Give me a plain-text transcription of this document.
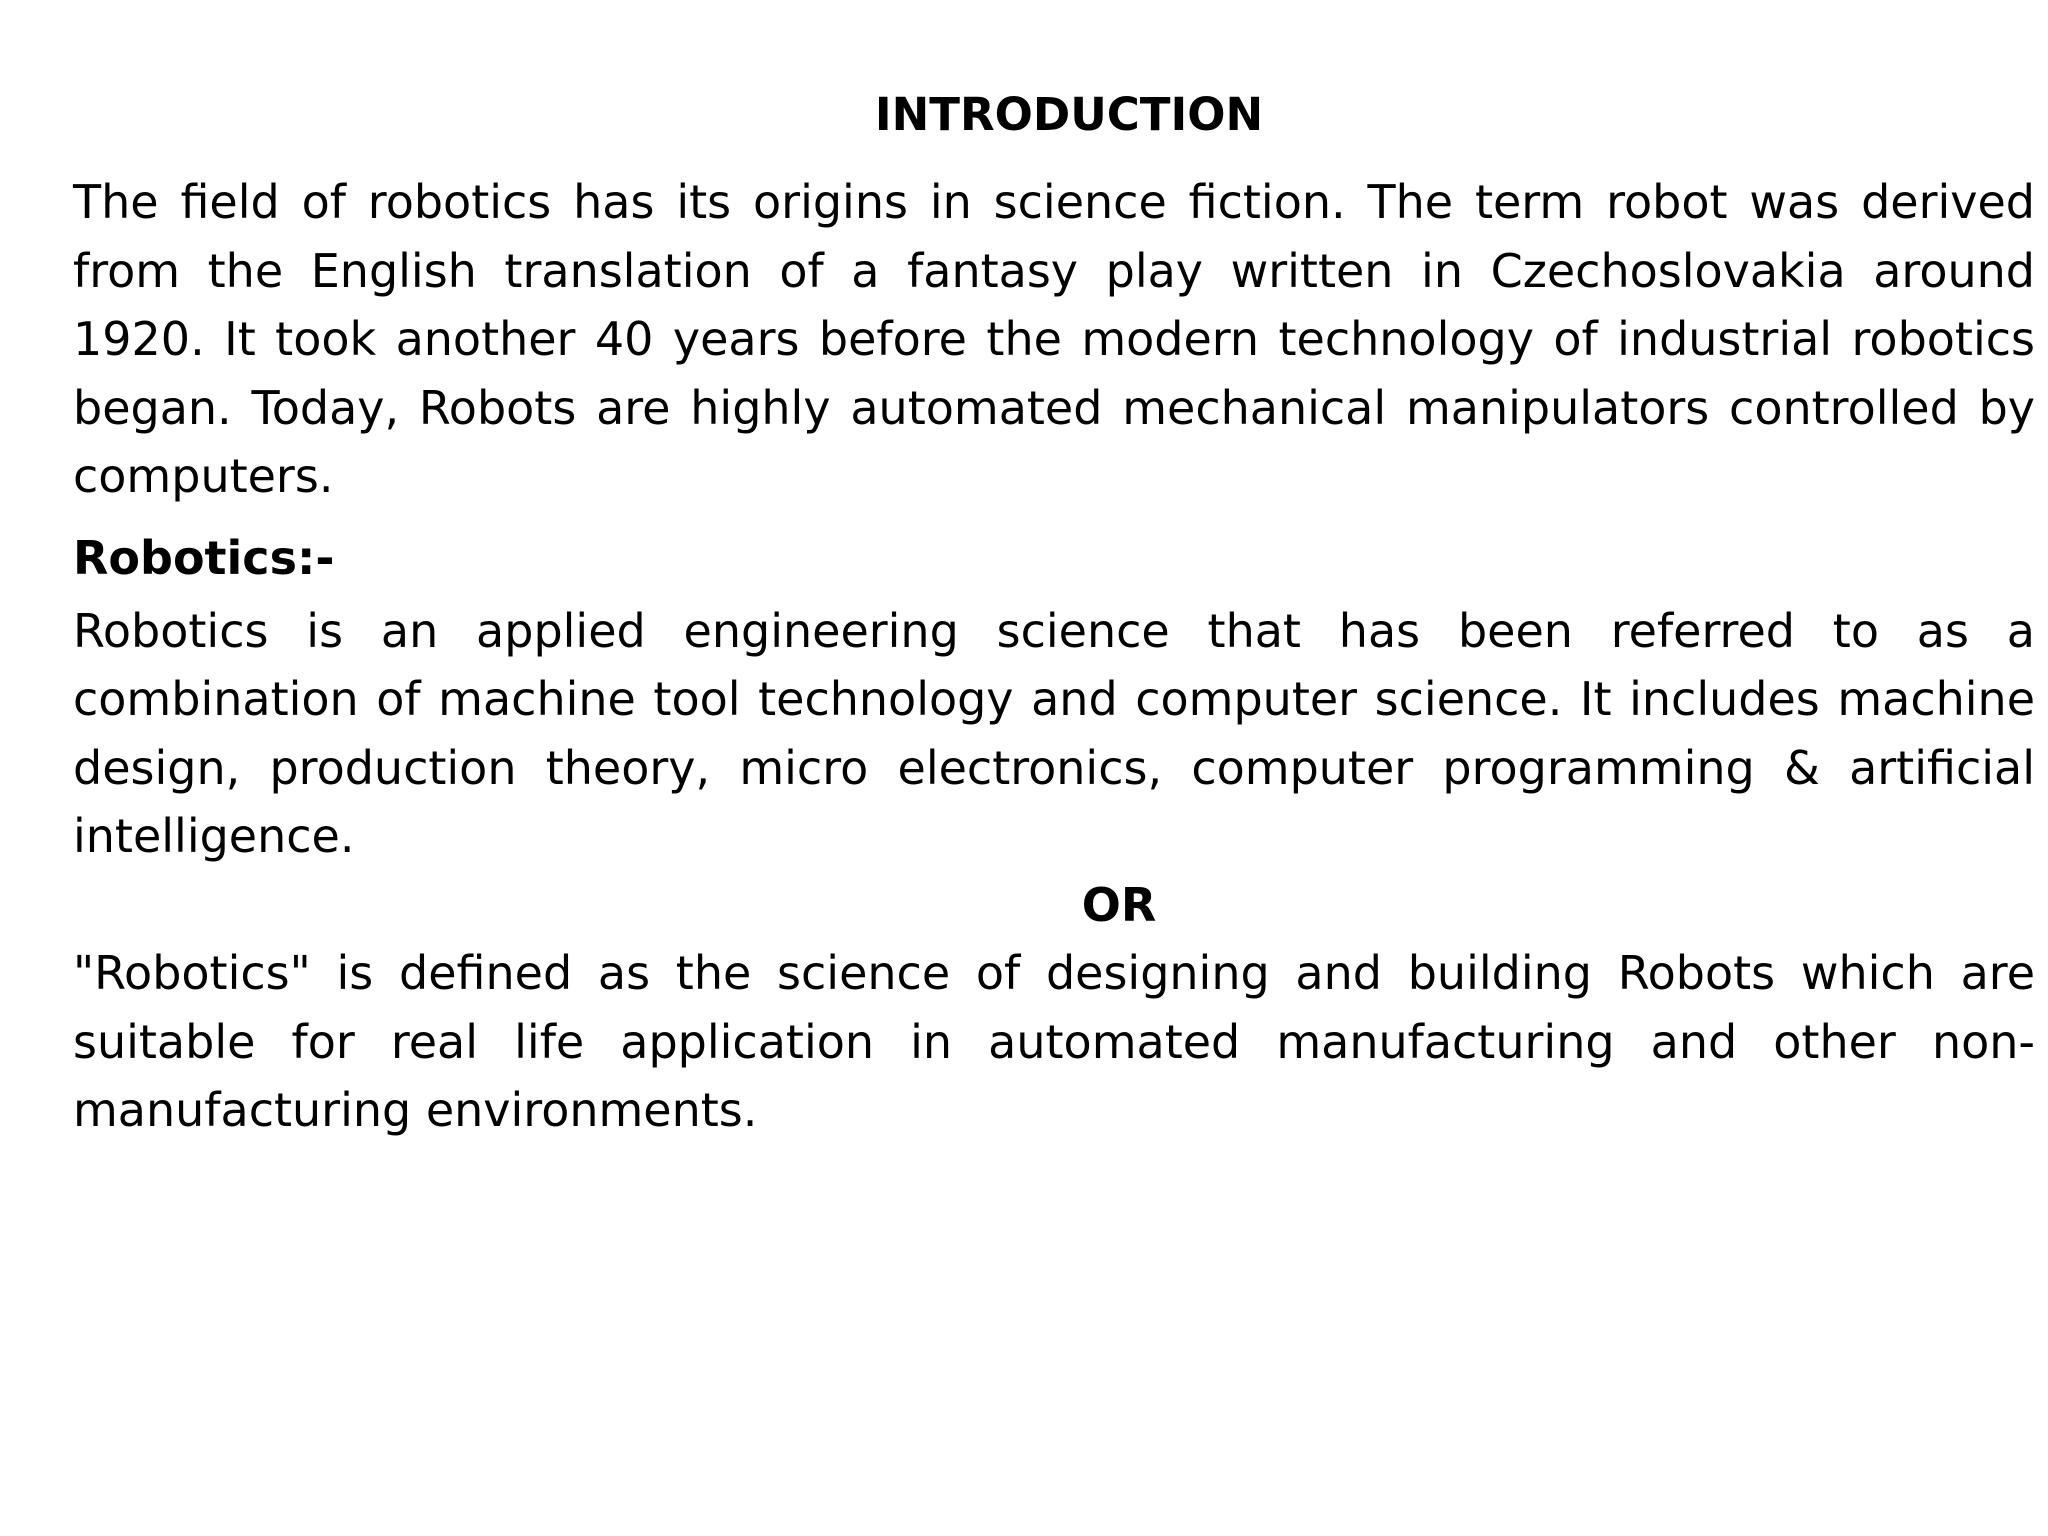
INTRODUCTION

The field of robotics has its origins in science fiction. The term robot was derived from the English translation of a fantasy play written in Czechoslovakia around 1920. It took another 40 years before the modern technology of industrial robotics began. Today, Robots are highly automated mechanical manipulators controlled by computers.

Robotics:-

Robotics is an applied engineering science that has been referred to as a combination of machine tool technology and computer science. It includes machine design, production theory, micro electronics, computer programming & artificial intelligence.

OR

"Robotics" is defined as the science of designing and building Robots which are suitable for real life application in automated manufacturing and other non-manufacturing environments.
